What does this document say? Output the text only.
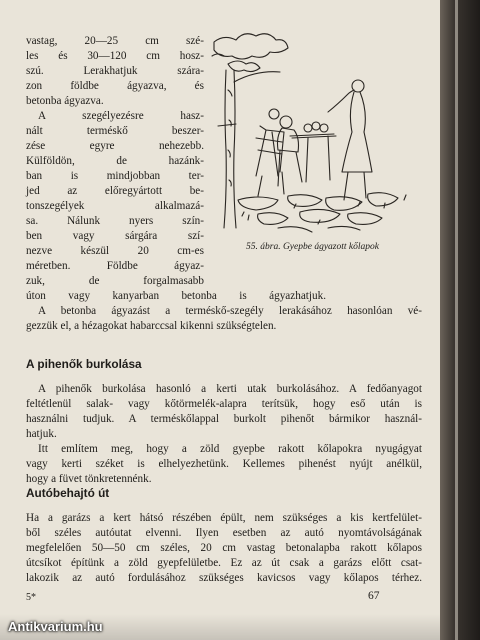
vastag, 20—25 cm szé-
les és 30—120 cm hosz-
szú. Lerakhatjuk szára-
zon földbe ágyazva, és
betonba ágyazva.
A szegélyezésre hasz-
nált terméskő beszer-
zése egyre nehezebb.
Külföldön, de hazánk-
ban is mindjobban ter-
jed az előregyártott be-
tonszegélyek alkalmazá-
sa. Nálunk nyers szín-
ben vagy sárgára szí-
nezve készül 20 cm-es
méretben. Földbe ágyaz-
zuk, de forgalmasabb
55. ábra. Gyepbe ágyazott kőlapok
úton vagy kanyarban betonba is ágyazhatjuk.
A betonba ágyazást a terméskő-szegély lerakásához hasonlóan vé-
gezzük el, a hézagokat habarccsal kikenni szükségtelen.
A pihenők burkolása
A pihenők burkolása hasonló a kerti utak burkolásához. A fedőanyagot
feltétlenül salak- vagy kőtörmelék-alapra terítsük, hogy eső után is
használni tudjuk. A terméskőlappal burkolt pihenőt bármikor használ-
hatjuk.
Itt említem meg, hogy a zöld gyepbe rakott kőlapokra nyugágyat
vagy kerti széket is elhelyezhetünk. Kellemes pihenést nyújt anélkül,
hogy a füvet tönkretennénk.
Autóbehajtó út
Ha a garázs a kert hátsó részében épült, nem szükséges a kis kertfelület-
ből széles autóutat elvenni. Ilyen esetben az autó nyomtávolságának
megfelelően 50—50 cm széles, 20 cm vastag betonalapba rakott kőlapos
útcsíkot építünk a zöld gyepfelületbe. Ez az út csak a garázs előtt csat-
lakozik az autó fordulásához szükséges kavicsos vagy kőlapos térhez.
5*	67
Antikvarium.hu
